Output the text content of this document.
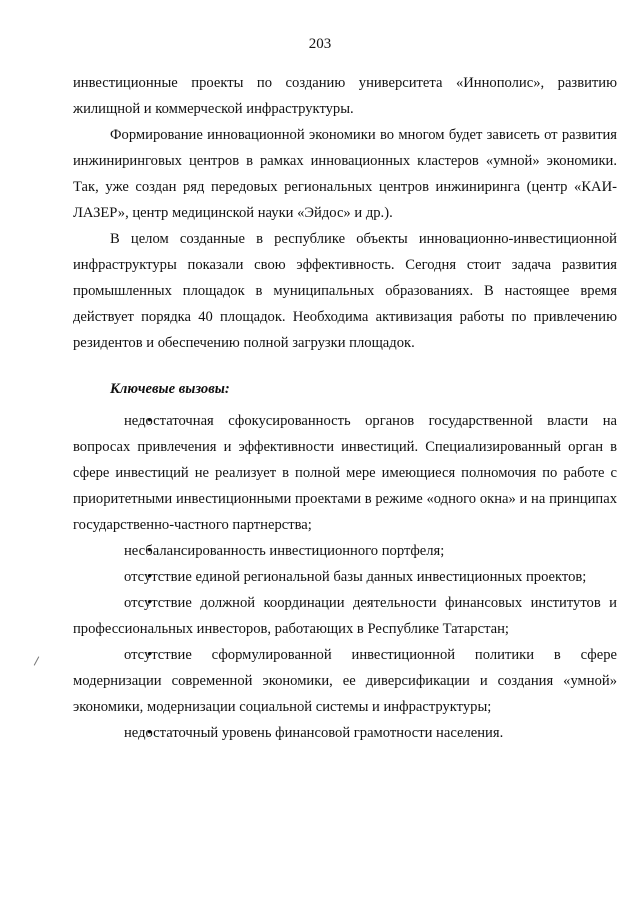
203

инвестиционные проекты по созданию университета «Иннополис», развитию жилищной и коммерческой инфраструктуры.

Формирование инновационной экономики во многом будет зависеть от развития инжиниринговых центров в рамках инновационных кластеров «умной» экономики. Так, уже создан ряд передовых региональных центров инжиниринга (центр «КАИ-ЛАЗЕР», центр медицинской науки «Эйдос» и др.).

В целом созданные в республике объекты инновационно-инвестиционной инфраструктуры показали свою эффективность. Сегодня стоит задача развития промышленных площадок в муниципальных образованиях. В настоящее время действует порядка 40 площадок. Необходима активизация работы по привлечению резидентов и обеспечению полной загрузки площадок.

Ключевые вызовы:

• недостаточная сфокусированность органов государственной власти на вопросах привлечения и эффективности инвестиций. Специализированный орган в сфере инвестиций не реализует в полной мере имеющиеся полномочия по работе с приоритетными инвестиционными проектами в режиме «одного окна» и на принципах государственно-частного партнерства;

• несбалансированность инвестиционного портфеля;

• отсутствие единой региональной базы данных инвестиционных проектов;

• отсутствие должной координации деятельности финансовых институтов и профессиональных инвесторов, работающих в Республике Татарстан;

• отсутствие сформулированной инвестиционной политики в сфере модернизации современной экономики, ее диверсификации и создания «умной» экономики, модернизации социальной системы и инфраструктуры;

• недостаточный уровень финансовой грамотности населения.
